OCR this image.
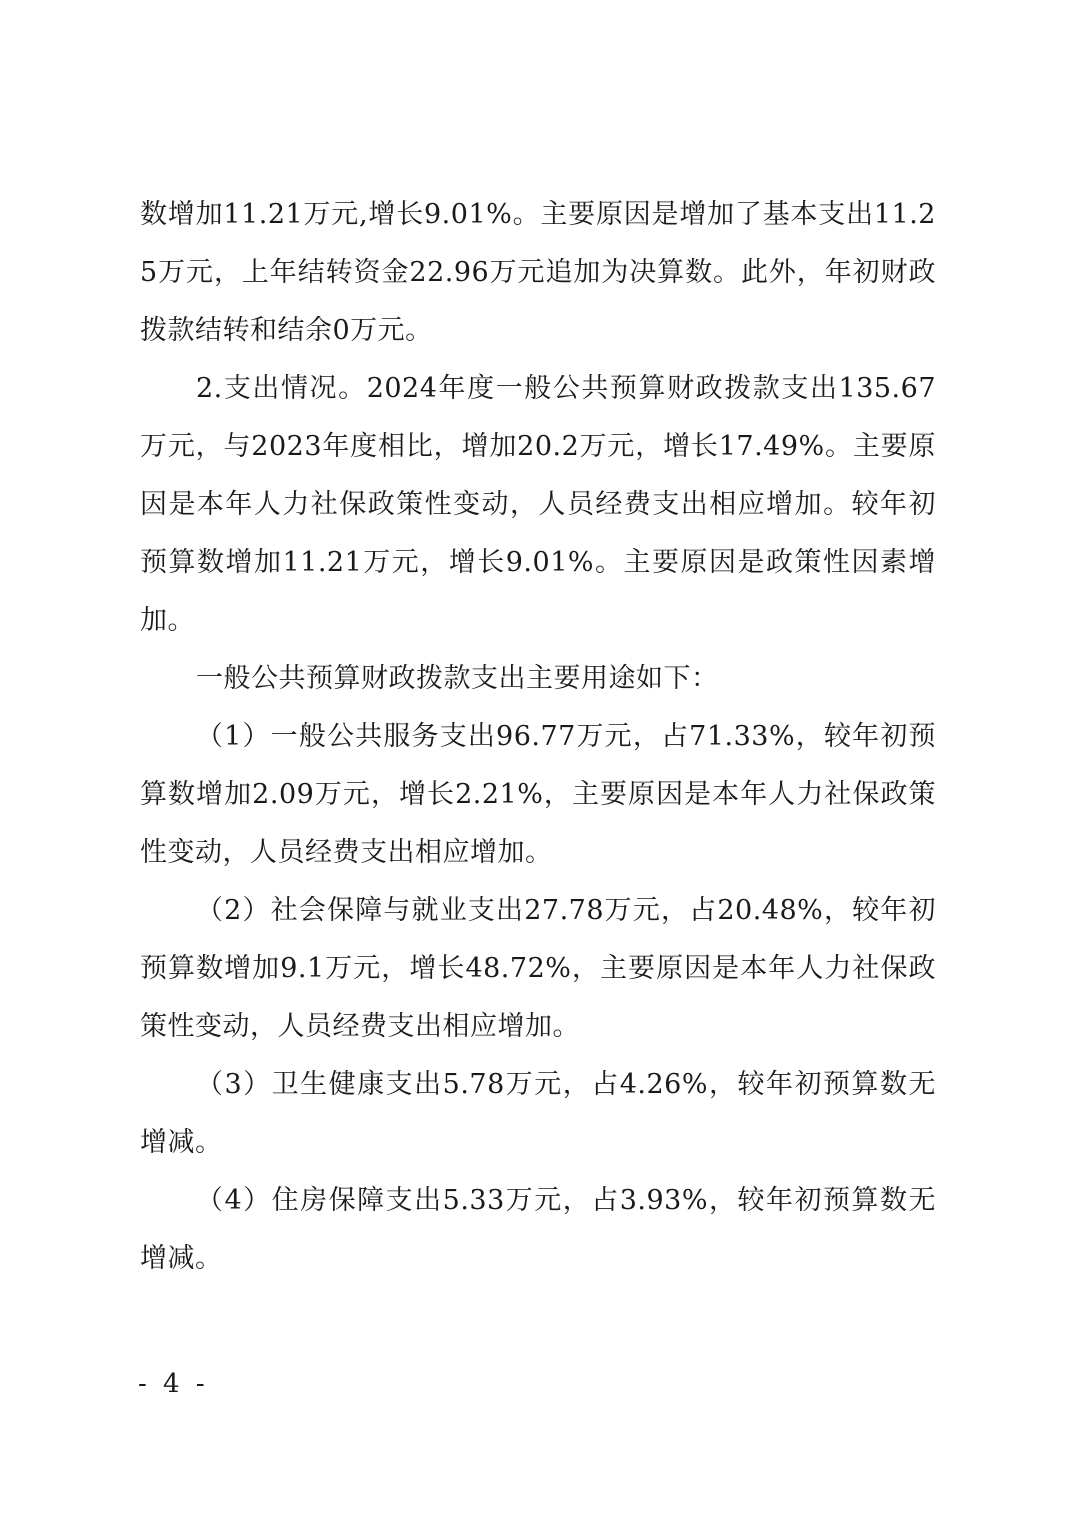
数增加11.21万元,增长9.01%。主要原因是增加了基本支出11.25万元，上年结转资金22.96万元追加为决算数。此外，年初财政拨款结转和结余0万元。

2.支出情况。2024年度一般公共预算财政拨款支出135.67万元，与2023年度相比，增加20.2万元，增长17.49%。主要原因是本年人力社保政策性变动，人员经费支出相应增加。较年初预算数增加11.21万元，增长9.01%。主要原因是政策性因素增加。

一般公共预算财政拨款支出主要用途如下：

（1）一般公共服务支出96.77万元，占71.33%，较年初预算数增加2.09万元，增长2.21%，主要原因是本年人力社保政策性变动，人员经费支出相应增加。

（2）社会保障与就业支出27.78万元，占20.48%，较年初预算数增加9.1万元，增长48.72%，主要原因是本年人力社保政策性变动，人员经费支出相应增加。

（3）卫生健康支出5.78万元，占4.26%，较年初预算数无增减。

（4）住房保障支出5.33万元，占3.93%，较年初预算数无增减。

- 4 -
